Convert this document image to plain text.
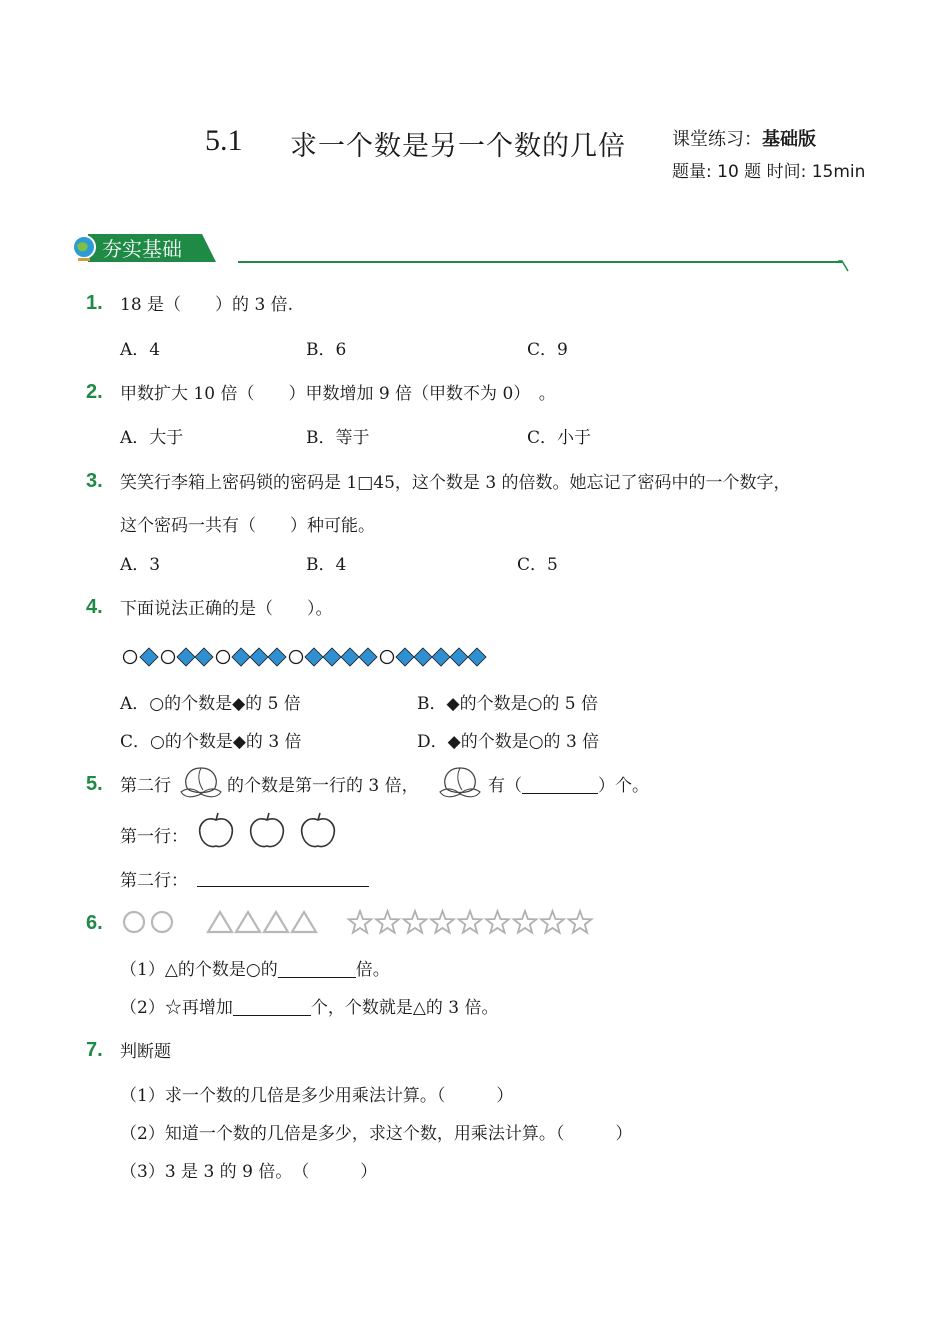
5.1 求一个数是另一个数的几倍	课堂练习：基础版
题量: 10 题 时间: 15min
夯实基础
1. 18 是（　　）的 3 倍.
A．4	B．6	C．9
2. 甲数扩大 10 倍（　　）甲数增加 9 倍（甲数不为 0）　。
A．大于	B．等于	C．小于
3. 笑笑行李箱上密码锁的密码是 1□45，这个数是 3 的倍数。她忘记了密码中的一个数字，
这个密码一共有（　　）种可能。
A．3	B．4	C．5
4. 下面说法正确的是（　　）。
A．○的个数是◆的 5 倍	B．◆的个数是○的 5 倍
C．○的个数是◆的 3 倍	D．◆的个数是○的 3 倍
5. 第二行	的个数是第一行的 3 倍，	有（	）个。
第一行：
第二行：
6.
（1）△的个数是○的	倍。
（2）☆再增加	个，个数就是△的 3 倍。
7. 判断题
（1）求一个数的几倍是多少用乘法计算。（　　　）
（2）知道一个数的几倍是多少，求这个数，用乘法计算。（　　　）
（3）3 是 3 的 9 倍。　（　　　）
